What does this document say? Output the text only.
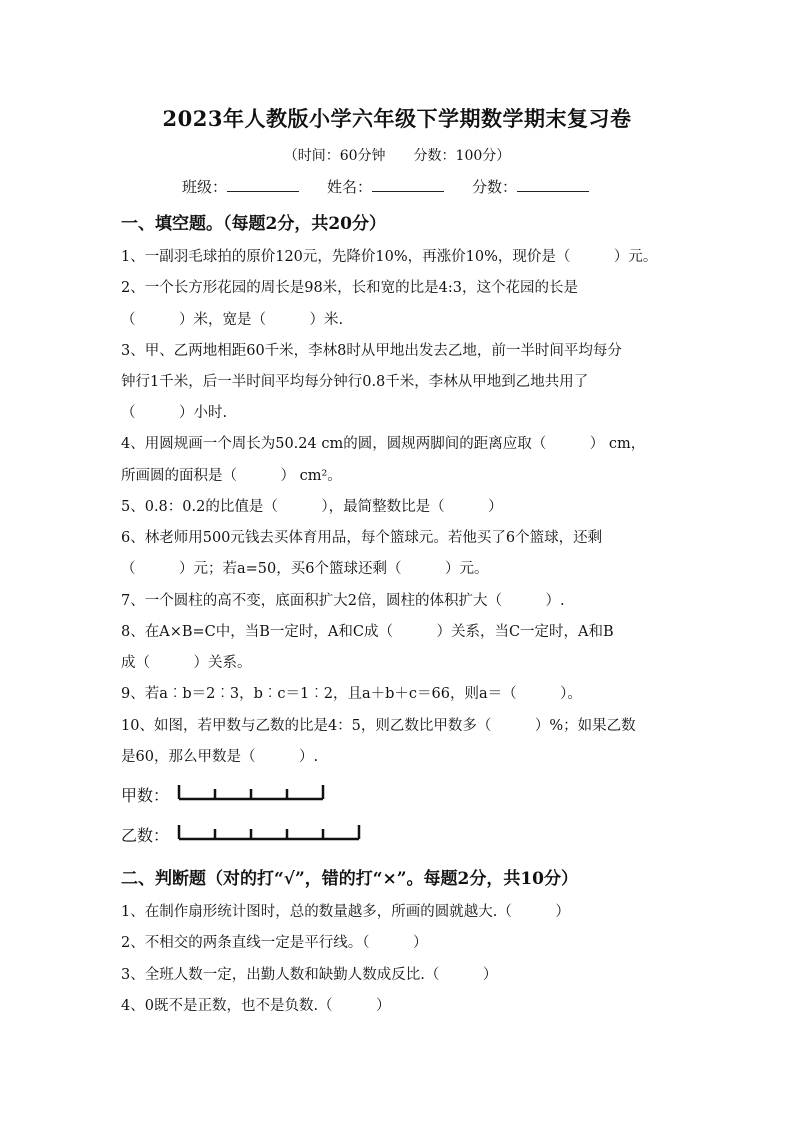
2023年人教版小学六年级下学期数学期末复习卷
（时间：60分钟　　分数：100分）
班级：	姓名：	分数：
一、填空题。（每题2分，共20分）
1、一副羽毛球拍的原价120元，先降价10%，再涨价10%，现价是（　　　）元。
2、一个长方形花园的周长是98米，长和宽的比是4:3，这个花园的长是
（　　　）米，宽是（　　　）米.
3、甲、乙两地相距60千米，李林8时从甲地出发去乙地，前一半时间平均每分
钟行1千米，后一半时间平均每分钟行0.8千米，李林从甲地到乙地共用了
（　　　）小时.
4、用圆规画一个周长为50.24 cm的圆，圆规两脚间的距离应取（　　　） cm，
所画圆的面积是（　　　） cm²。
5、0.8：0.2的比值是（　　　），最简整数比是（　　　）
6、林老师用500元钱去买体育用品，每个篮球元。若他买了6个篮球，还剩
（　　　）元；若a=50，买6个篮球还剩（　　　）元。
7、一个圆柱的高不变，底面积扩大2倍，圆柱的体积扩大（　　　）.
8、在A×B=C中，当B一定时，A和C成（　　　）关系，当C一定时，A和B
成（　　　）关系。
9、若a︰b＝2︰3，b︰c＝1︰2，且a＋b＋c＝66，则a＝（　　　）。
10、如图，若甲数与乙数的比是4：5，则乙数比甲数多（　　　）%；如果乙数
是60，那么甲数是（　　　）.
甲数：
乙数：
二、判断题（对的打“√”，错的打“×”。每题2分，共10分）
1、在制作扇形统计图时，总的数量越多，所画的圆就越大.（　　　）
2、不相交的两条直线一定是平行线。（　　　）
3、全班人数一定，出勤人数和缺勤人数成反比.（　　　）
4、0既不是正数，也不是负数.（　　　）
